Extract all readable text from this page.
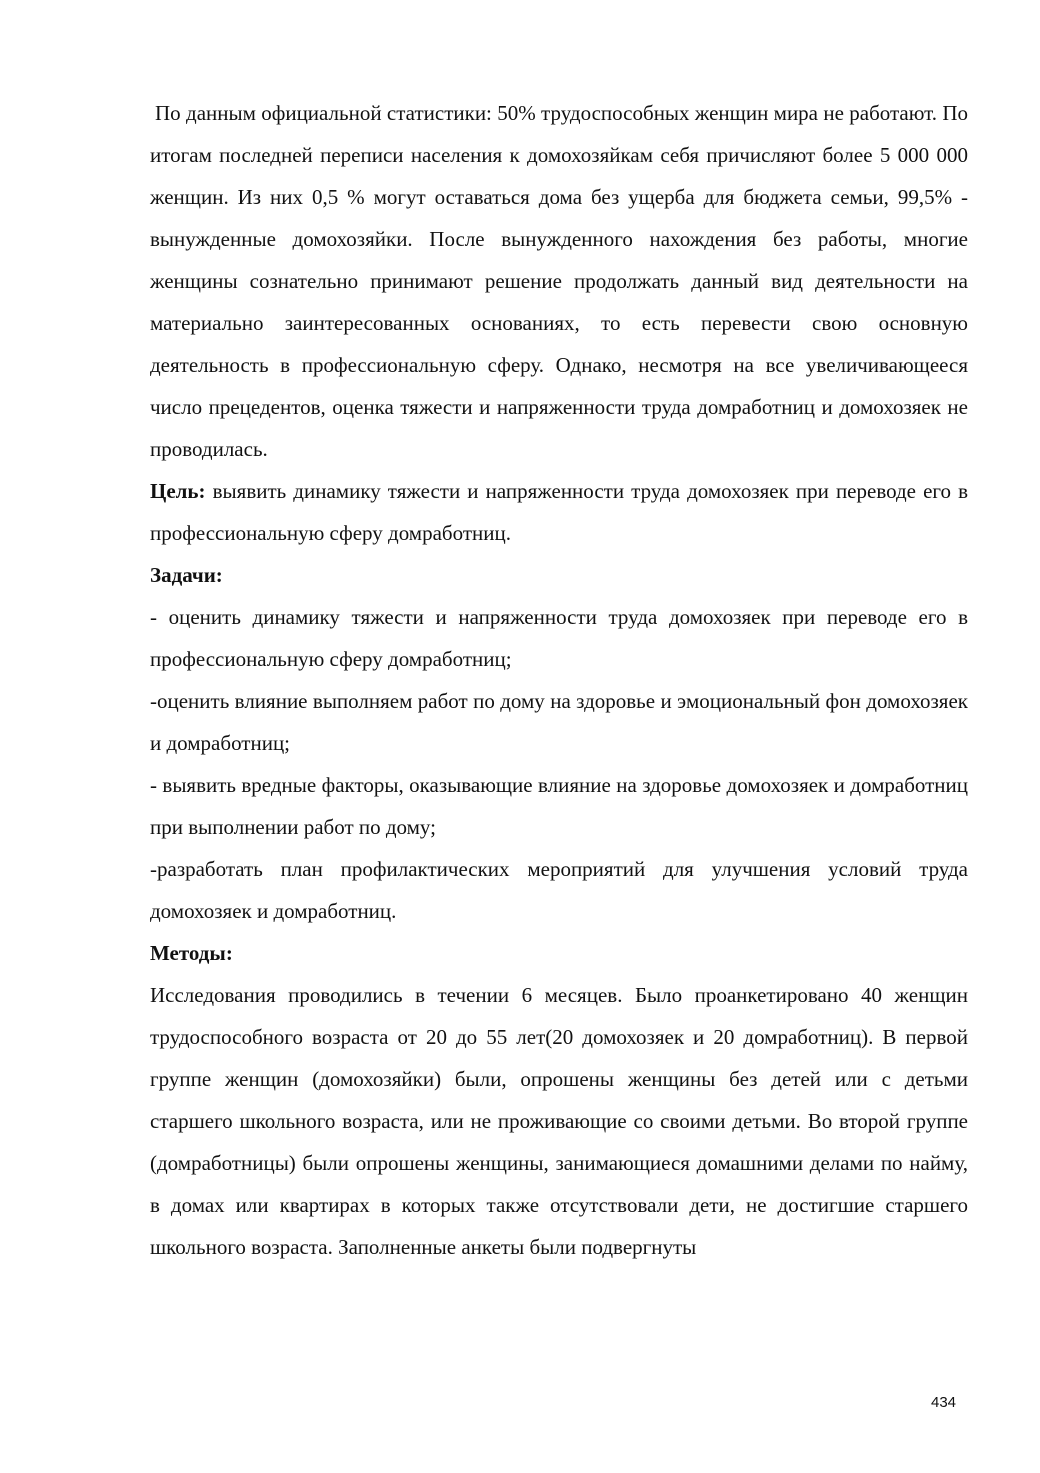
По данным официальной статистики: 50% трудоспособных женщин мира не работают. По итогам последней переписи населения к домохозяйкам себя причисляют более 5 000 000 женщин. Из них 0,5 % могут оставаться дома без ущерба для бюджета семьи, 99,5% - вынужденные домохозяйки. После вынужденного нахождения без работы, многие женщины сознательно принимают решение продолжать данный вид деятельности на материально заинтересованных основаниях, то есть перевести свою основную деятельность в профессиональную сферу. Однако, несмотря на все увеличивающееся число прецедентов, оценка тяжести и напряженности труда домработниц и домохозяек не проводилась.

Цель: выявить динамику тяжести и напряженности труда домохозяек при переводе его в профессиональную сферу домработниц.

Задачи:

- оценить динамику тяжести и напряженности труда домохозяек при переводе его в профессиональную сферу домработниц;

-оценить влияние выполняем работ по дому на здоровье и эмоциональный фон домохозяек и домработниц;

- выявить вредные факторы, оказывающие влияние на здоровье домохозяек и домработниц при выполнении работ по дому;

-разработать план профилактических мероприятий для улучшения условий труда домохозяек и домработниц.

Методы:

Исследования проводились в течении 6 месяцев. Было проанкетировано 40 женщин трудоспособного возраста от 20 до 55 лет(20 домохозяек и 20 домработниц). В первой группе женщин (домохозяйки) были, опрошены женщины без детей или с детьми старшего школьного возраста, или не проживающие со своими детьми. Во второй группе (домработницы) были опрошены женщины, занимающиеся домашними делами по найму, в домах или квартирах в которых также отсутствовали дети, не достигшие старшего школьного возраста. Заполненные анкеты были подвергнуты

434
